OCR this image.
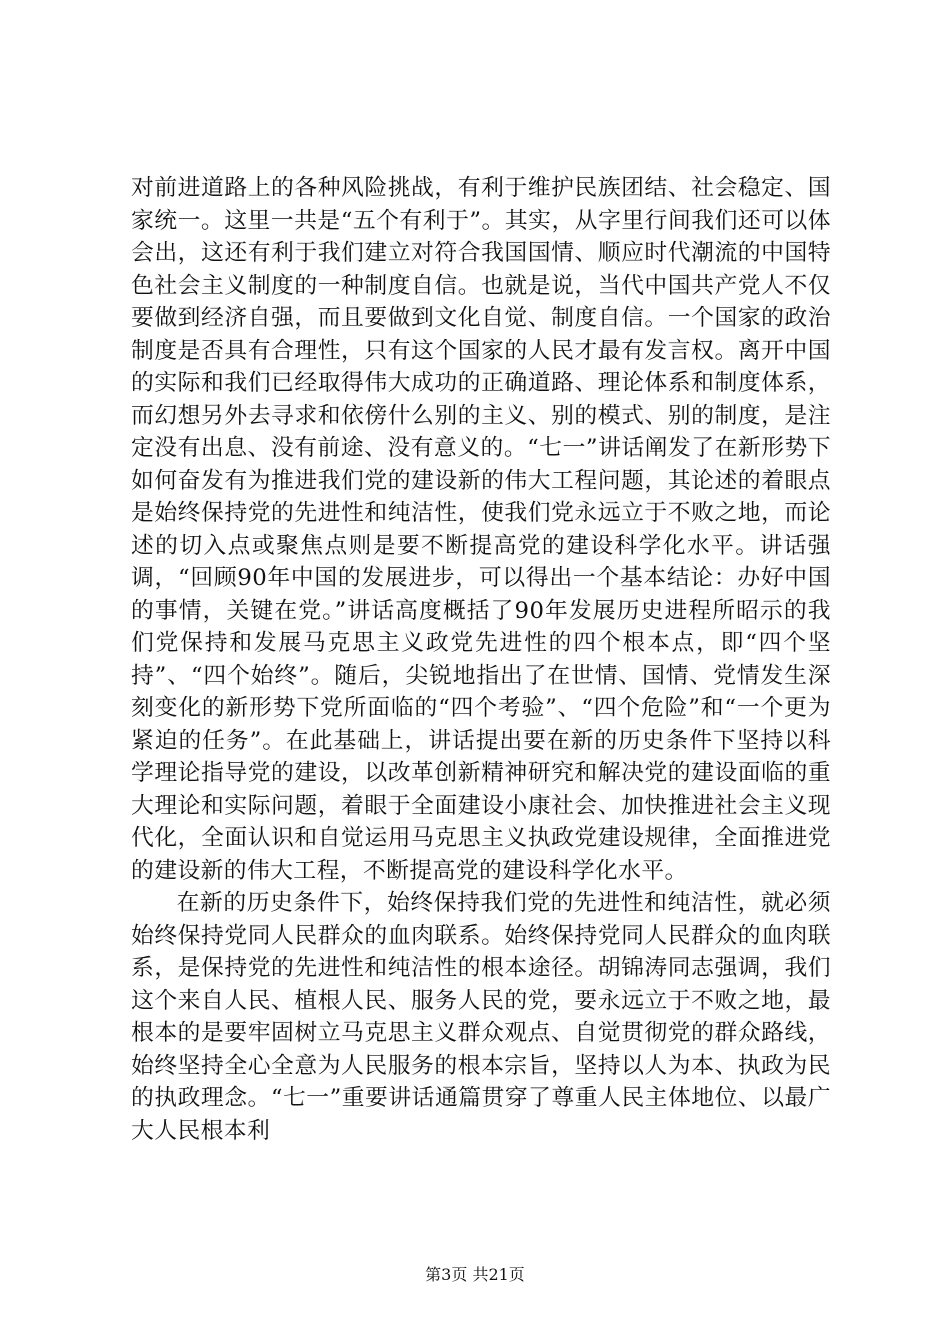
对前进道路上的各种风险挑战，有利于维护民族团结、社会稳定、国家统一。这里一共是“五个有利于”。其实，从字里行间我们还可以体会出，这还有利于我们建立对符合我国国情、顺应时代潮流的中国特色社会主义制度的一种制度自信。也就是说，当代中国共产党人不仅要做到经济自强，而且要做到文化自觉、制度自信。一个国家的政治制度是否具有合理性，只有这个国家的人民才最有发言权。离开中国的实际和我们已经取得伟大成功的正确道路、理论体系和制度体系，而幻想另外去寻求和依傍什么别的主义、别的模式、别的制度，是注定没有出息、没有前途、没有意义的。“七一”讲话阐发了在新形势下如何奋发有为推进我们党的建设新的伟大工程问题，其论述的着眼点是始终保持党的先进性和纯洁性，使我们党永远立于不败之地，而论述的切入点或聚焦点则是要不断提高党的建设科学化水平。讲话强调，“回顾90年中国的发展进步，可以得出一个基本结论：办好中国的事情，关键在党。”讲话高度概括了90年发展历史进程所昭示的我们党保持和发展马克思主义政党先进性的四个根本点，即“四个坚持”、“四个始终”。随后，尖锐地指出了在世情、国情、党情发生深刻变化的新形势下党所面临的“四个考验”、“四个危险”和“一个更为紧迫的任务”。在此基础上，讲话提出要在新的历史条件下坚持以科学理论指导党的建设，以改革创新精神研究和解决党的建设面临的重大理论和实际问题，着眼于全面建设小康社会、加快推进社会主义现代化，全面认识和自觉运用马克思主义执政党建设规律，全面推进党的建设新的伟大工程，不断提高党的建设科学化水平。

在新的历史条件下，始终保持我们党的先进性和纯洁性，就必须始终保持党同人民群众的血肉联系。始终保持党同人民群众的血肉联系，是保持党的先进性和纯洁性的根本途径。胡锦涛同志强调，我们这个来自人民、植根人民、服务人民的党，要永远立于不败之地，最根本的是要牢固树立马克思主义群众观点、自觉贯彻党的群众路线，始终坚持全心全意为人民服务的根本宗旨，坚持以人为本、执政为民的执政理念。“七一”重要讲话通篇贯穿了尊重人民主体地位、以最广大人民根本利

第3页 共21页
